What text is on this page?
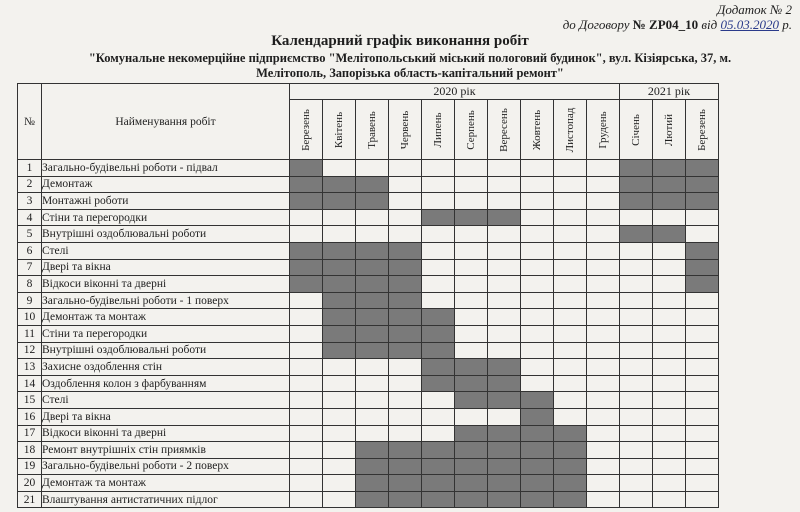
Додаток № 2
до Договору № ZP04_10 від 05.03.2020 р.
Календарний графік виконання робіт
"Комунальне некомерційне підприємство "Мелітопольський міський пологовий будинок", вул. Кізіярська, 37, м. Мелітополь, Запорізька область-капітальний ремонт"
№	Найменування робіт	2020 рік										2021 рік		

		Березень	Квітень	Травень	Червень	Липень	Серпень	Вересень	Жовтень	Листопад	Грудень	Січень	Лютий	Березень

1	Загально-будівельні роботи - підвал													
2	Демонтаж													
3	Монтажні роботи													
4	Стіни та перегородки													
5	Внутрішні оздоблювальні роботи													
6	Стелі													
7	Двері та вікна													
8	Відкоси віконні та дверні													
9	Загально-будівельні роботи - 1 поверх													
10	Демонтаж та монтаж													
11	Стіни та перегородки													
12	Внутрішні оздоблювальні роботи													
13	Захисне оздоблення стін													
14	Оздоблення колон з фарбуванням													
15	Стелі													
16	Двері та вікна													
17	Відкоси віконні та дверні													
18	Ремонт внутрішніх стін приямків													
19	Загально-будівельні роботи - 2 поверх													
20	Демонтаж та монтаж													
21	Влаштування антистатичних підлог													
